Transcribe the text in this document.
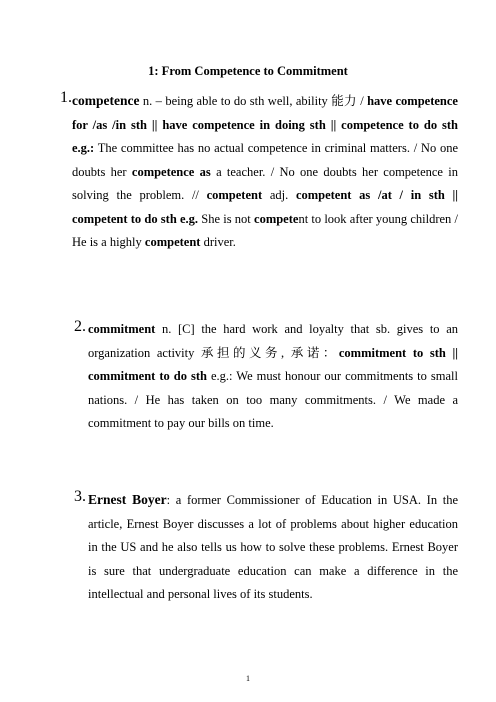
1: From Competence to Commitment
1. competence n. – being able to do sth well, ability 能力 / have competence for /as /in sth || have competence in doing sth || competence to do sth e.g.: The committee has no actual competence in criminal matters. / No one doubts her competence as a teacher. / No one doubts her competence in solving the problem. // competent adj. competent as /at / in sth || competent to do sth e.g. She is not competent to look after young children / He is a highly competent driver.

2. commitment n. [C] the hard work and loyalty that sb. gives to an organization activity 承担的义务, 承诺：commitment to sth || commitment to do sth e.g.: We must honour our commitments to small nations. / He has taken on too many commitments. / We made a commitment to pay our bills on time.

3. Ernest Boyer: a former Commissioner of Education in USA. In the article, Ernest Boyer discusses a lot of problems about higher education in the US and he also tells us how to solve these problems. Ernest Boyer is sure that undergraduate education can make a difference in the intellectual and personal lives of its students.

1
